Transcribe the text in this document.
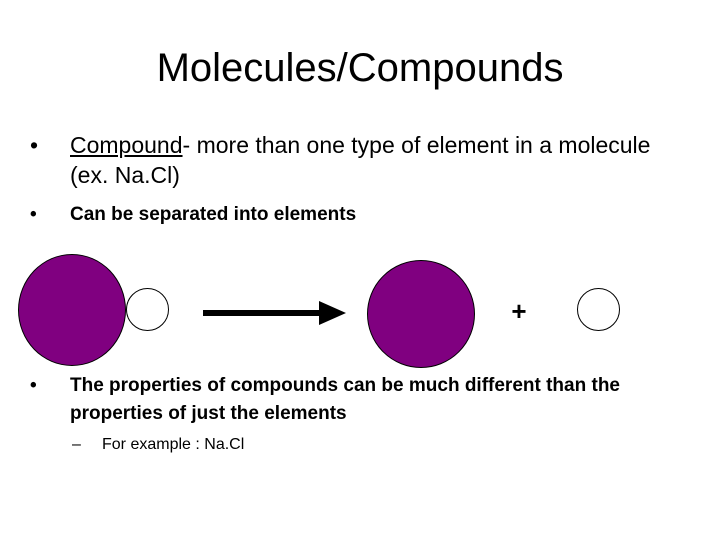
Molecules/Compounds
•	Compound- more than one type of element in a molecule (ex. Na.Cl)
•	Can be separated into elements
+
•	The properties of compounds can be much different than the properties of just the elements
–	For example : Na.Cl
